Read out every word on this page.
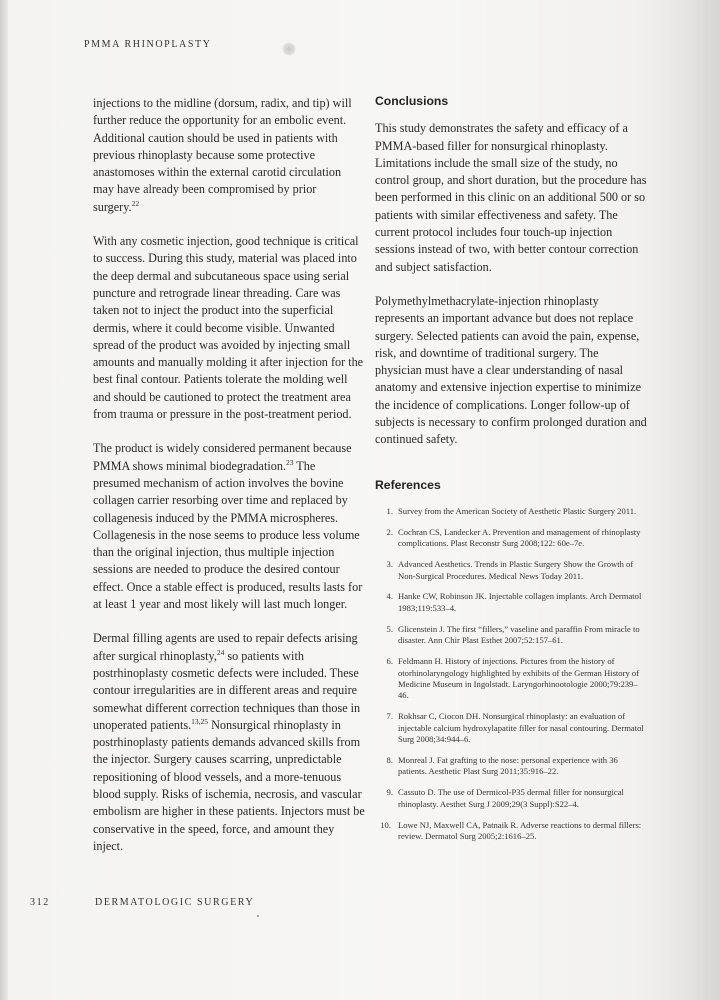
PMMA RHINOPLASTY

injections to the midline (dorsum, radix, and tip) will further reduce the opportunity for an embolic event. Additional caution should be used in patients with previous rhinoplasty because some protective anastomoses within the external carotid circulation may have already been compromised by prior surgery.$^{22}$

With any cosmetic injection, good technique is critical to success. During this study, material was placed into the deep dermal and subcutaneous space using serial puncture and retrograde linear threading. Care was taken not to inject the product into the superficial dermis, where it could become visible. Unwanted spread of the product was avoided by injecting small amounts and manually molding it after injection for the best final contour. Patients tolerate the molding well and should be cautioned to protect the treatment area from trauma or pressure in the post-treatment period.

The product is widely considered permanent because PMMA shows minimal biodegradation.$^{23}$ The presumed mechanism of action involves the bovine collagen carrier resorbing over time and replaced by collagenesis induced by the PMMA microspheres. Collagenesis in the nose seems to produce less volume than the original injection, thus multiple injection sessions are needed to produce the desired contour effect. Once a stable effect is produced, results lasts for at least 1 year and most likely will last much longer.

Dermal filling agents are used to repair defects arising after surgical rhinoplasty,$^{24}$ so patients with postrhinoplasty cosmetic defects were included. These contour irregularities are in different areas and require somewhat different correction techniques than those in unoperated patients.$^{13,25}$ Nonsurgical rhinoplasty in postrhinoplasty patients demands advanced skills from the injector. Surgery causes scarring, unpredictable repositioning of blood vessels, and a more-tenuous blood supply. Risks of ischemia, necrosis, and vascular embolism are higher in these patients. Injectors must be conservative in the speed, force, and amount they inject.

Conclusions

This study demonstrates the safety and efficacy of a PMMA-based filler for nonsurgical rhinoplasty. Limitations include the small size of the study, no control group, and short duration, but the procedure has been performed in this clinic on an additional 500 or so patients with similar effectiveness and safety. The current protocol includes four touch-up injection sessions instead of two, with better contour correction and subject satisfaction.

Polymethylmethacrylate-injection rhinoplasty represents an important advance but does not replace surgery. Selected patients can avoid the pain, expense, risk, and downtime of traditional surgery. The physician must have a clear understanding of nasal anatomy and extensive injection expertise to minimize the incidence of complications. Longer follow-up of subjects is necessary to confirm prolonged duration and continued safety.

References
1. Survey from the American Society of Aesthetic Plastic Surgery 2011.
2. Cochran CS, Landecker A. Prevention and management of rhinoplasty complications. Plast Reconstr Surg 2008;122: 60e–7e.
3. Advanced Aesthetics. Trends in Plastic Surgery Show the Growth of Non-Surgical Procedures. Medical News Today 2011.
4. Hanke CW, Robinson JK. Injectable collagen implants. Arch Dermatol 1983;119:533–4.
5. Glicenstein J. The first “fillers,” vaseline and paraffin From miracle to disaster. Ann Chir Plast Esthet 2007;52:157–61.
6. Feldmann H. History of injections. Pictures from the history of otorhinolaryngology highlighted by exhibits of the German History of Medicine Museum in Ingolstadt. Laryngorhinootologie 2000;79:239–46.
7. Rokhsar C, Ciocon DH. Nonsurgical rhinoplasty: an evaluation of injectable calcium hydroxylapatite filler for nasal contouring. Dermatol Surg 2008;34:944–6.
8. Monreal J. Fat grafting to the nose: personal experience with 36 patients. Aesthetic Plast Surg 2011;35:916–22.
9. Cassuto D. The use of Dermicol-P35 dermal filler for nonsurgical rhinoplasty. Aesthet Surg J 2009;29(3 Suppl):S22–4.
10. Lowe NJ, Maxwell CA, Patnaik R. Adverse reactions to dermal fillers: review. Dermatol Surg 2005;2:1616–25.
312	DERMATOLOGIC SURGERY
